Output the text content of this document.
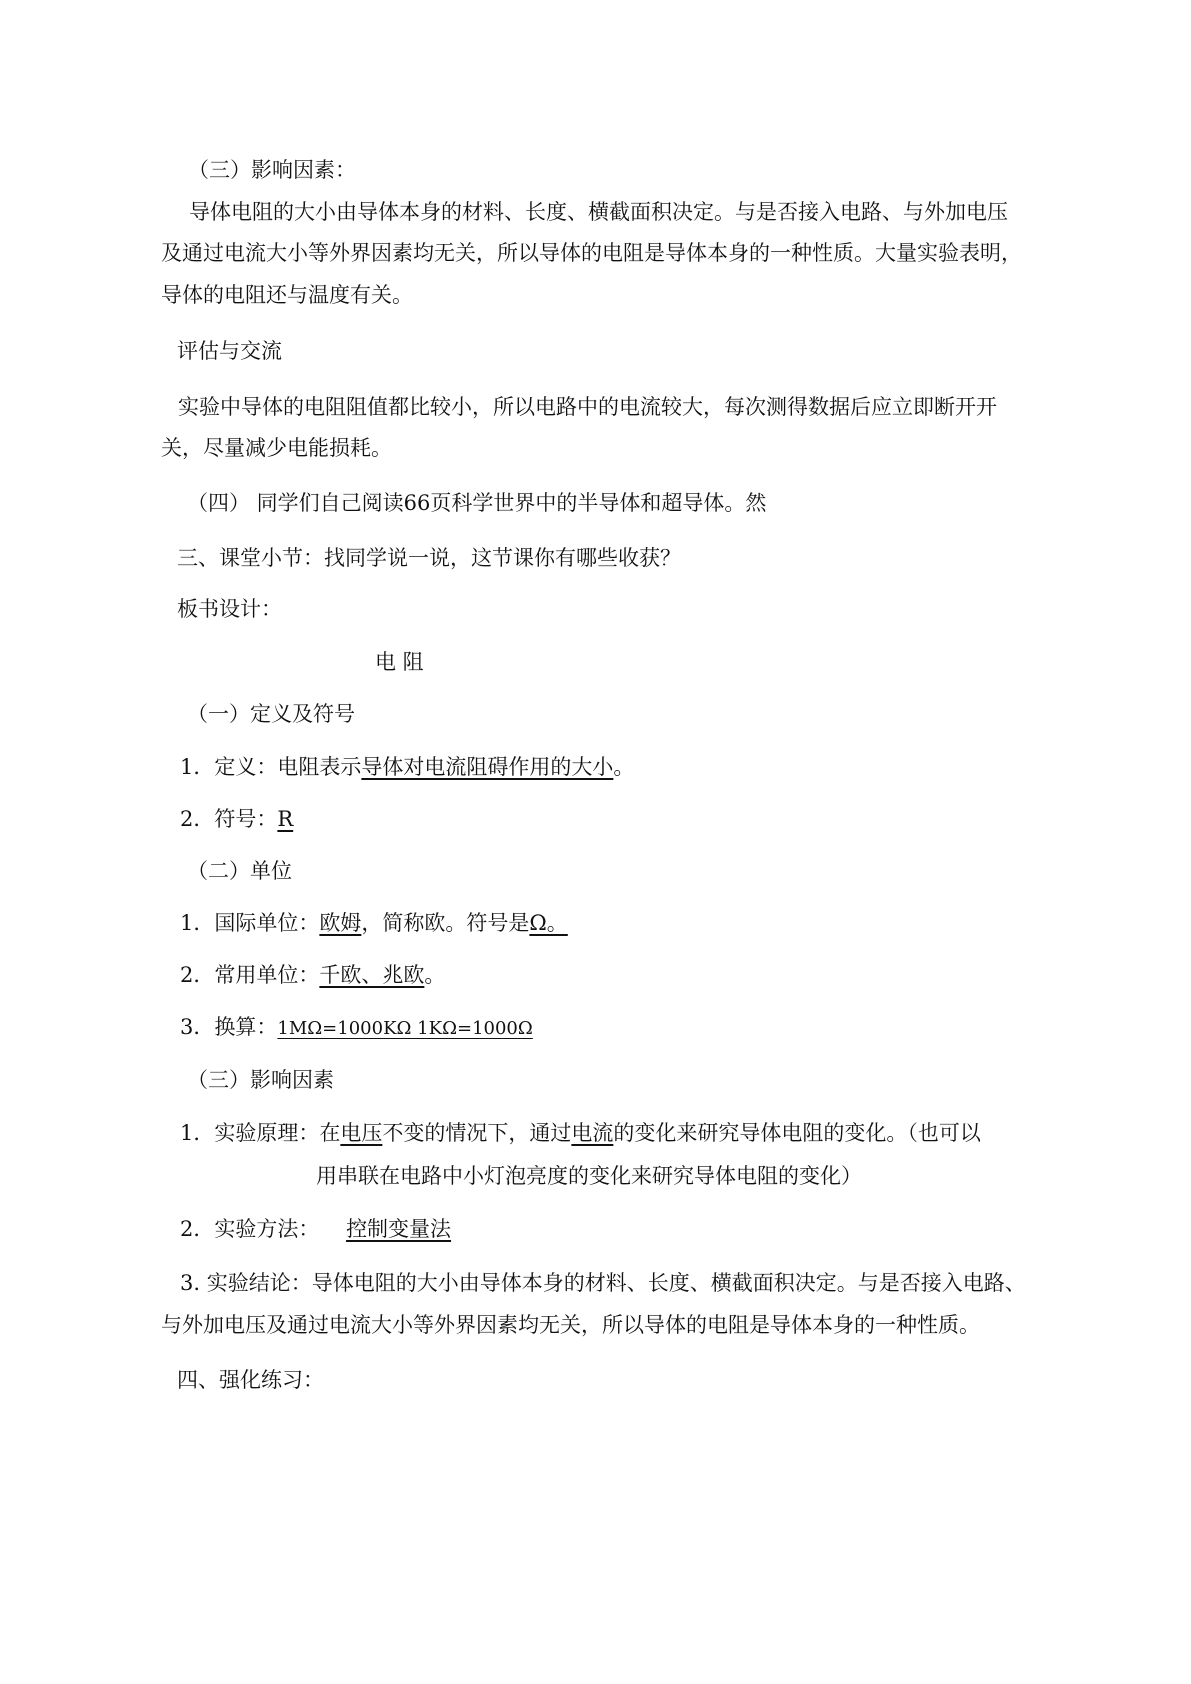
（三）影响因素：
导体电阻的大小由导体本身的材料、长度、横截面积决定。与是否接入电路、与外加电压
及通过电流大小等外界因素均无关，所以导体的电阻是导体本身的一种性质。大量实验表明，
导体的电阻还与温度有关。
评估与交流
实验中导体的电阻阻值都比较小，所以电路中的电流较大，每次测得数据后应立即断开开
关，尽量减少电能损耗。
（四） 同学们自己阅读66页科学世界中的半导体和超导体。然
三、课堂小节：找同学说一说，这节课你有哪些收获？
板书设计：
电 阻
（一）定义及符号
1．定义：电阻表示导体对电流阻碍作用的大小。
2．符号：R
（二）单位
1．国际单位：欧姆，简称欧。符号是Ω。
2．常用单位：千欧、兆欧。
3．换算：1MΩ=1000KΩ 1KΩ=1000Ω
（三）影响因素
1．实验原理：在电压不变的情况下，通过电流的变化来研究导体电阻的变化。（也可以
用串联在电路中小灯泡亮度的变化来研究导体电阻的变化）
2．实验方法：    控制变量法
3. 实验结论：导体电阻的大小由导体本身的材料、长度、横截面积决定。与是否接入电路、
与外加电压及通过电流大小等外界因素均无关，所以导体的电阻是导体本身的一种性质。
四、强化练习：
